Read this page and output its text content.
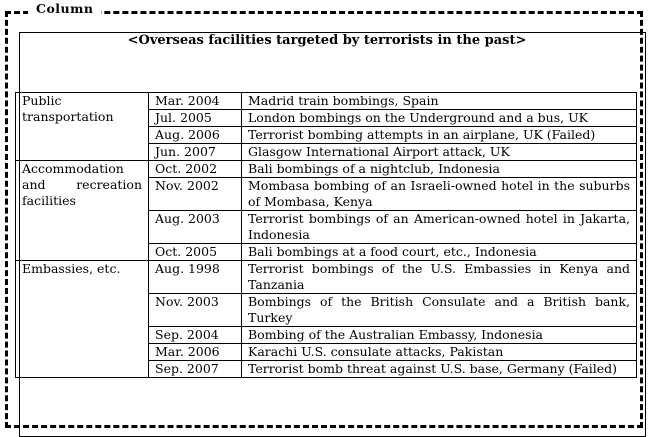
Column
<Overseas facilities targeted by terrorists in the past>
Public transportation	Mar. 2004	Madrid train bombings, Spain
	Jul. 2005	London bombings on the Underground and a bus, UK
	Aug. 2006	Terrorist bombing attempts in an airplane, UK (Failed)
	Jun. 2007	Glasgow International Airport attack, UK
Accommodation and recreation facilities	Oct. 2002	Bali bombings of a nightclub, Indonesia
	Nov. 2002	Mombasa bombing of an Israeli-owned hotel in the suburbs of Mombasa, Kenya
	Aug. 2003	Terrorist bombings of an American-owned hotel in Jakarta, Indonesia
	Oct. 2005	Bali bombings at a food court, etc., Indonesia
Embassies, etc.	Aug. 1998	Terrorist bombings of the U.S. Embassies in Kenya and Tanzania
	Nov. 2003	Bombings of the British Consulate and a British bank, Turkey
	Sep. 2004	Bombing of the Australian Embassy, Indonesia
	Mar. 2006	Karachi U.S. consulate attacks, Pakistan
	Sep. 2007	Terrorist bomb threat against U.S. base, Germany (Failed)
